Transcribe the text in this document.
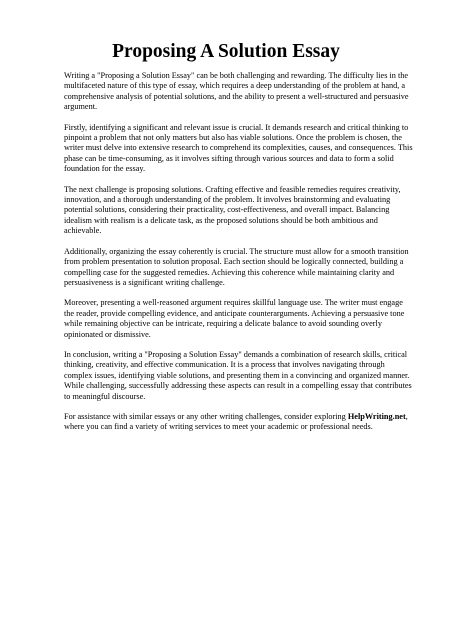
Proposing A Solution Essay

Writing a "Proposing a Solution Essay" can be both challenging and rewarding. The difficulty lies in the multifaceted nature of this type of essay, which requires a deep understanding of the problem at hand, a comprehensive analysis of potential solutions, and the ability to present a well-structured and persuasive argument.

Firstly, identifying a significant and relevant issue is crucial. It demands research and critical thinking to pinpoint a problem that not only matters but also has viable solutions. Once the problem is chosen, the writer must delve into extensive research to comprehend its complexities, causes, and consequences. This phase can be time-consuming, as it involves sifting through various sources and data to form a solid foundation for the essay.

The next challenge is proposing solutions. Crafting effective and feasible remedies requires creativity, innovation, and a thorough understanding of the problem. It involves brainstorming and evaluating potential solutions, considering their practicality, cost-effectiveness, and overall impact. Balancing idealism with realism is a delicate task, as the proposed solutions should be both ambitious and achievable.

Additionally, organizing the essay coherently is crucial. The structure must allow for a smooth transition from problem presentation to solution proposal. Each section should be logically connected, building a compelling case for the suggested remedies. Achieving this coherence while maintaining clarity and persuasiveness is a significant writing challenge.

Moreover, presenting a well-reasoned argument requires skillful language use. The writer must engage the reader, provide compelling evidence, and anticipate counterarguments. Achieving a persuasive tone while remaining objective can be intricate, requiring a delicate balance to avoid sounding overly opinionated or dismissive.

In conclusion, writing a "Proposing a Solution Essay" demands a combination of research skills, critical thinking, creativity, and effective communication. It is a process that involves navigating through complex issues, identifying viable solutions, and presenting them in a convincing and organized manner. While challenging, successfully addressing these aspects can result in a compelling essay that contributes to meaningful discourse.

For assistance with similar essays or any other writing challenges, consider exploring HelpWriting.net, where you can find a variety of writing services to meet your academic or professional needs.
